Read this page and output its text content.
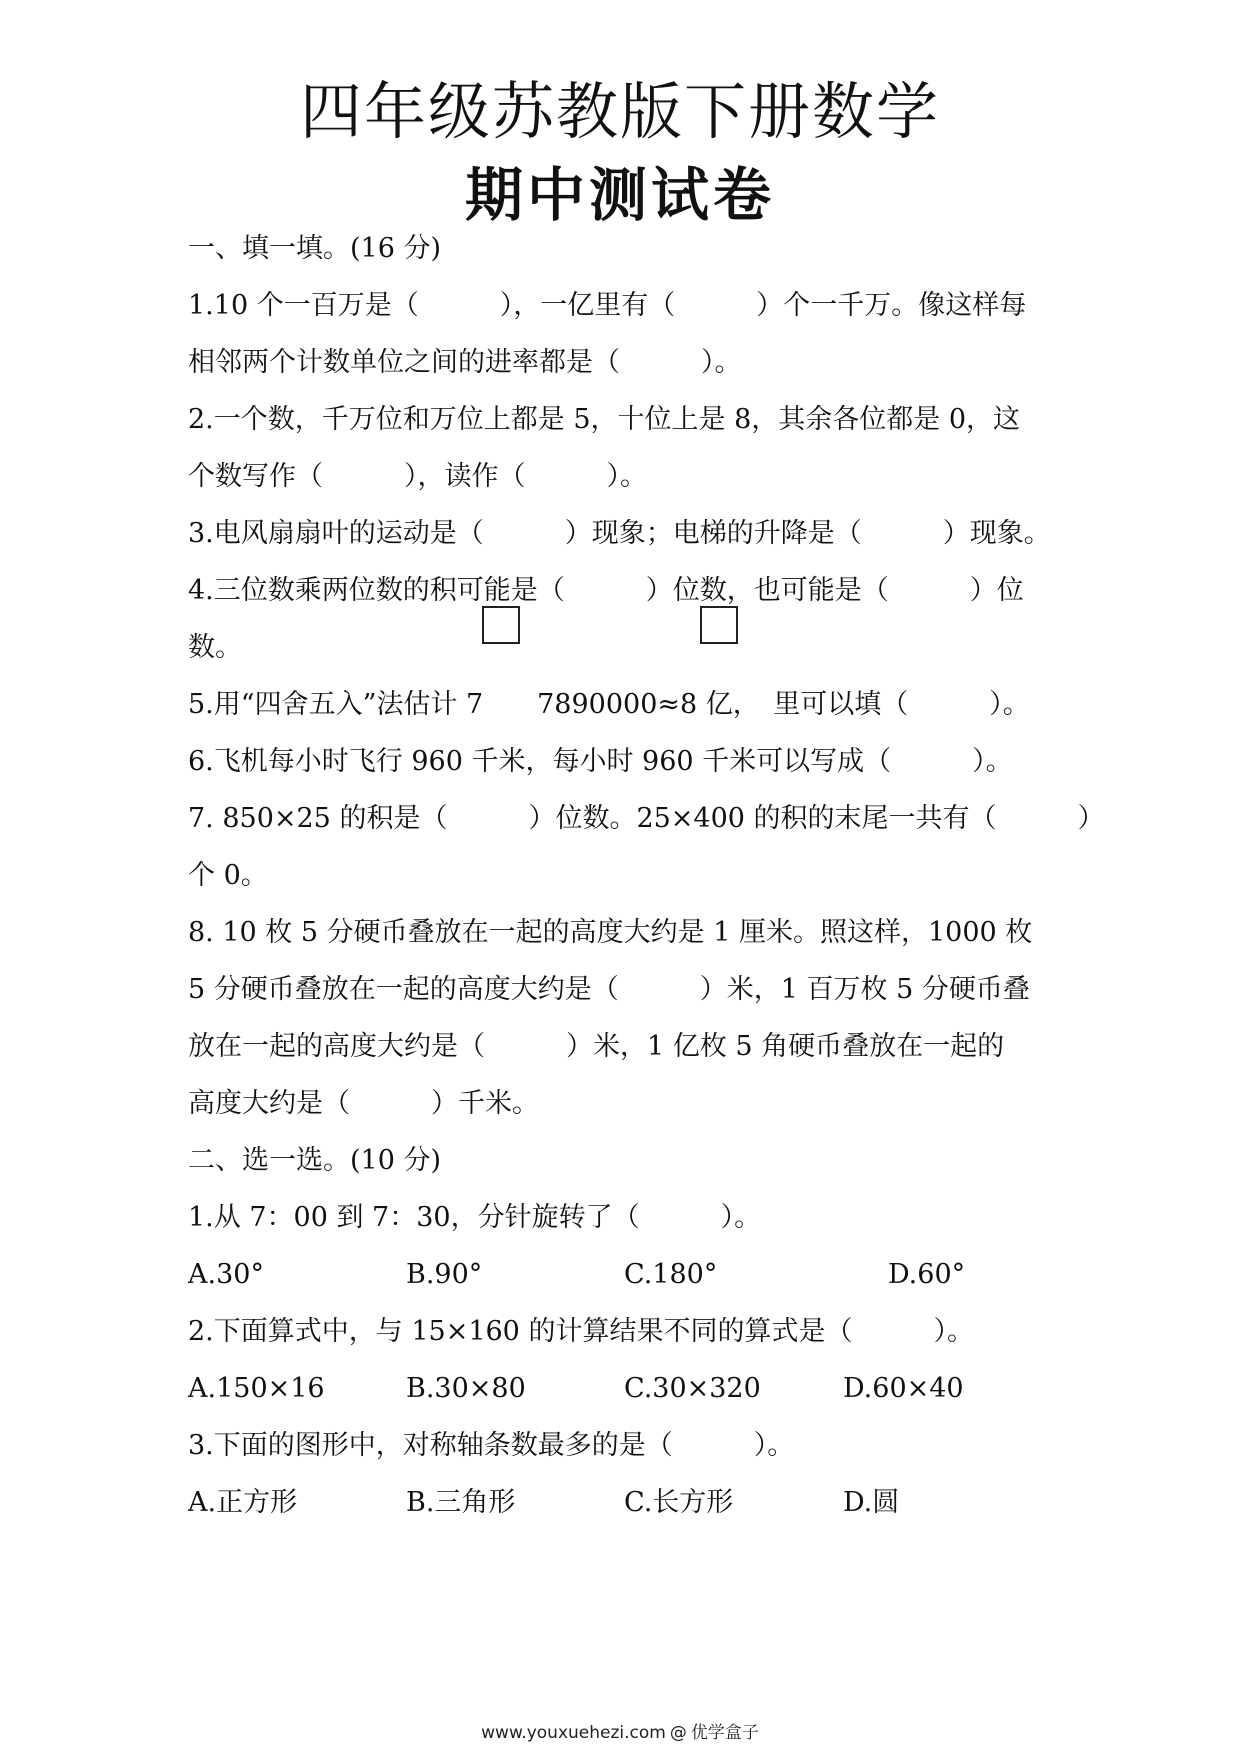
四年级苏教版下册数学
期中测试卷
一、填一填。(16 分)
1.10 个一百万是（　　　），一亿里有（　　　）个一千万。像这样每
相邻两个计数单位之间的进率都是（　　　）。
2.一个数，千万位和万位上都是 5，十位上是 8，其余各位都是 0，这
个数写作（　　　），读作（　　　）。
3.电风扇扇叶的运动是（　　　）现象；电梯的升降是（　　　）现象。
4.三位数乘两位数的积可能是（　　　）位数，也可能是（　　　）位
数。
5.用“四舍五入”法估计 7　　7890000≈8 亿，　里可以填（　　　）。
6.飞机每小时飞行 960 千米，每小时 960 千米可以写成（　　　）。
7. 850×25 的积是（　　　）位数。25×400 的积的末尾一共有（　　　）
个 0。
8. 10 枚 5 分硬币叠放在一起的高度大约是 1 厘米。照这样，1000 枚
5 分硬币叠放在一起的高度大约是（　　　）米，1 百万枚 5 分硬币叠
放在一起的高度大约是（　　　）米，1 亿枚 5 角硬币叠放在一起的
高度大约是（　　　）千米。
二、选一选。(10 分)
1.从 7：00 到 7：30，分针旋转了（　　　）。
A.30°	B.90°	C.180°	D.60°
2.下面算式中，与 15×160 的计算结果不同的算式是（　　　）。
A.150×16	B.30×80	C.30×320	D.60×40
3.下面的图形中，对称轴条数最多的是（　　　）。
A.正方形	B.三角形	C.长方形	D.圆
www.youxuehezi.com @ 优学盒子
